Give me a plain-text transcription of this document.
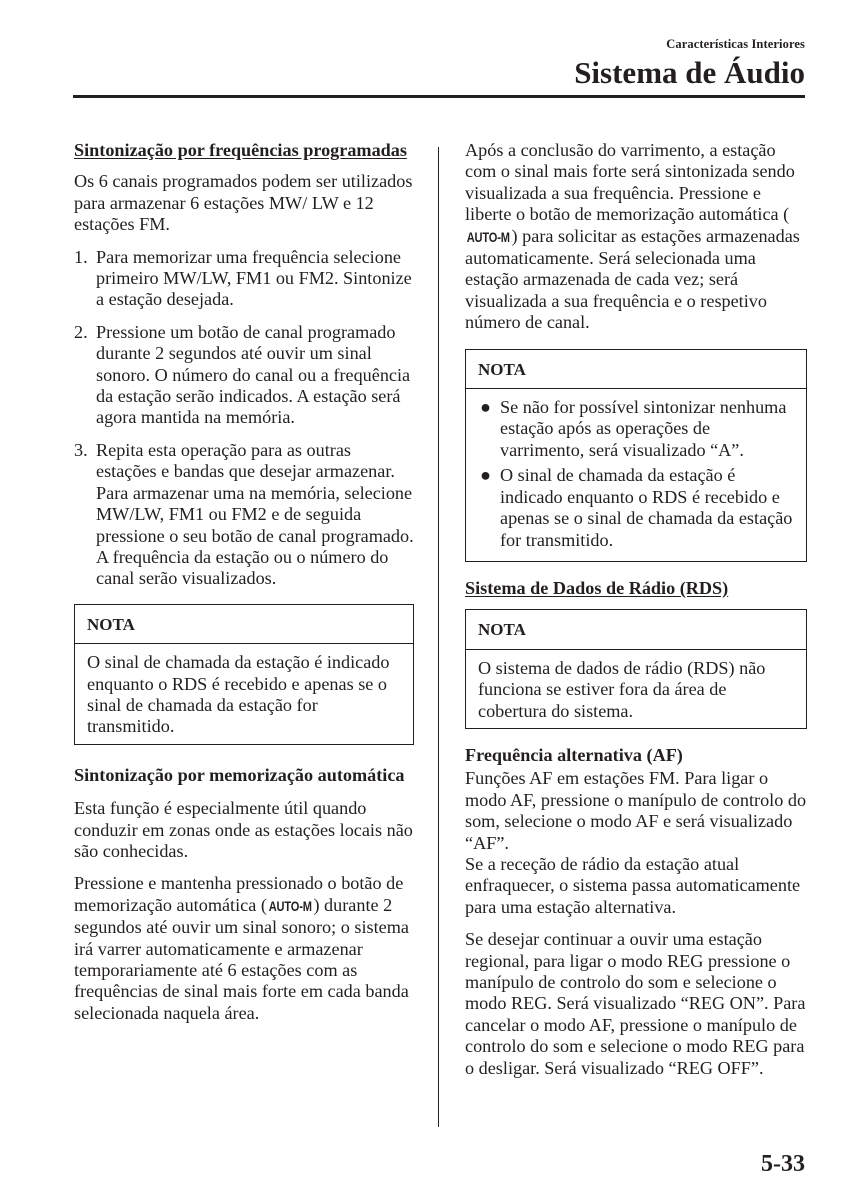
Características Interiores
Sistema de Áudio
Sintonização por frequências programadas

Os 6 canais programados podem ser utilizados para armazenar 6 estações MW/ LW e 12 estações FM.

1. Para memorizar uma frequência selecione primeiro MW/LW, FM1 ou FM2. Sintonize a estação desejada.
2. Pressione um botão de canal programado durante 2 segundos até ouvir um sinal sonoro. O número do canal ou a frequência da estação serão indicados. A estação será agora mantida na memória.
3. Repita esta operação para as outras estações e bandas que desejar armazenar. Para armazenar uma na memória, selecione MW/LW, FM1 ou FM2 e de seguida pressione o seu botão de canal programado. A frequência da estação ou o número do canal serão visualizados.
NOTA

O sinal de chamada da estação é indicado enquanto o RDS é recebido e apenas se o sinal de chamada da estação for transmitido.

Sintonização por memorização automática

Esta função é especialmente útil quando conduzir em zonas onde as estações locais não são conhecidas.

Pressione e mantenha pressionado o botão de memorização automática ( AUTO-M) durante 2 segundos até ouvir um sinal sonoro; o sistema irá varrer automaticamente e armazenar temporariamente até 6 estações com as frequências de sinal mais forte em cada banda selecionada naquela área.

Após a conclusão do varrimento, a estação com o sinal mais forte será sintonizada sendo visualizada a sua frequência. Pressione e liberte o botão de memorização automática (AUTO-M) para solicitar as estações armazenadas automaticamente. Será selecionada uma estação armazenada de cada vez; será visualizada a sua frequência e o respetivo número de canal.

NOTA
● Se não for possível sintonizar nenhuma estação após as operações de varrimento, será visualizado “A”.
● O sinal de chamada da estação é indicado enquanto o RDS é recebido e apenas se o sinal de chamada da estação for transmitido.
Sistema de Dados de Rádio (RDS)
NOTA

O sistema de dados de rádio (RDS) não funciona se estiver fora da área de cobertura do sistema.

Frequência alternativa (AF)

Funções AF em estações FM. Para ligar o modo AF, pressione o manípulo de controlo do som, selecione o modo AF e será visualizado “AF”.

Se a receção de rádio da estação atual enfraquecer, o sistema passa automaticamente para uma estação alternativa.

Se desejar continuar a ouvir uma estação regional, para ligar o modo REG pressione o manípulo de controlo do som e selecione o modo REG. Será visualizado “REG ON”. Para cancelar o modo AF, pressione o manípulo de controlo do som e selecione o modo REG para o desligar. Será visualizado “REG OFF”.

5-33
